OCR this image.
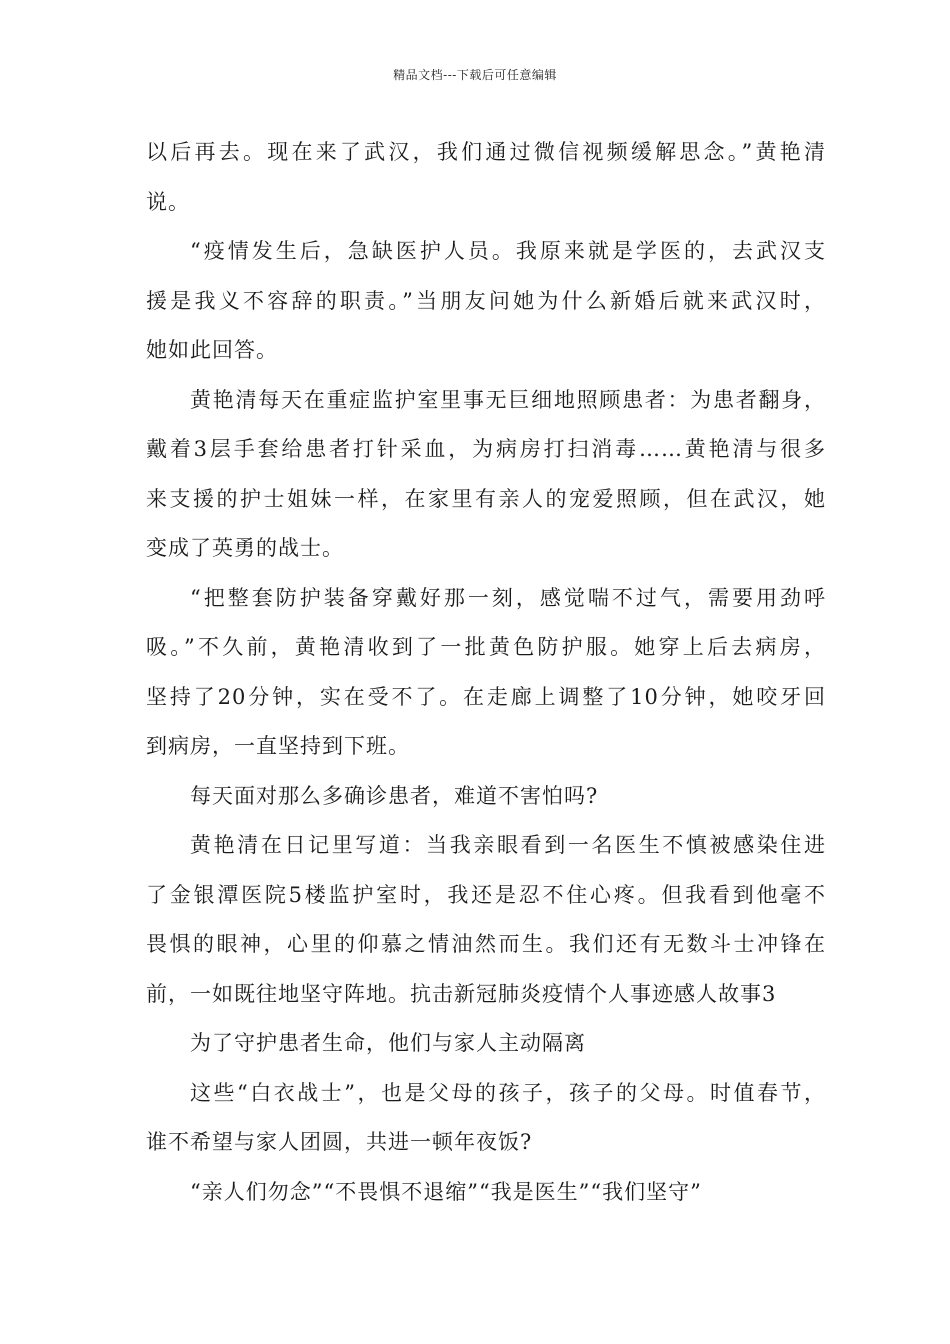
精品文档---下载后可任意编辑
以后再去。现在来了武汉，我们通过微信视频缓解思念。”黄艳清
说。
“疫情发生后，急缺医护人员。我原来就是学医的，去武汉支
援是我义不容辞的职责。”当朋友问她为什么新婚后就来武汉时，
她如此回答。
黄艳清每天在重症监护室里事无巨细地照顾患者：为患者翻身，
戴着3层手套给患者打针采血，为病房打扫消毒……黄艳清与很多
来支援的护士姐妹一样，在家里有亲人的宠爱照顾，但在武汉，她
变成了英勇的战士。
“把整套防护装备穿戴好那一刻，感觉喘不过气，需要用劲呼
吸。”不久前，黄艳清收到了一批黄色防护服。她穿上后去病房，
坚持了20分钟，实在受不了。在走廊上调整了10分钟，她咬牙回
到病房，一直坚持到下班。
每天面对那么多确诊患者，难道不害怕吗?
黄艳清在日记里写道：当我亲眼看到一名医生不慎被感染住进
了金银潭医院5楼监护室时，我还是忍不住心疼。但我看到他毫不
畏惧的眼神，心里的仰慕之情油然而生。我们还有无数斗士冲锋在
前，一如既往地坚守阵地。抗击新冠肺炎疫情个人事迹感人故事3
为了守护患者生命，他们与家人主动隔离
这些“白衣战士”，也是父母的孩子，孩子的父母。时值春节，
谁不希望与家人团圆，共进一顿年夜饭?
“亲人们勿念”“不畏惧不退缩”“我是医生”“我们坚守”
